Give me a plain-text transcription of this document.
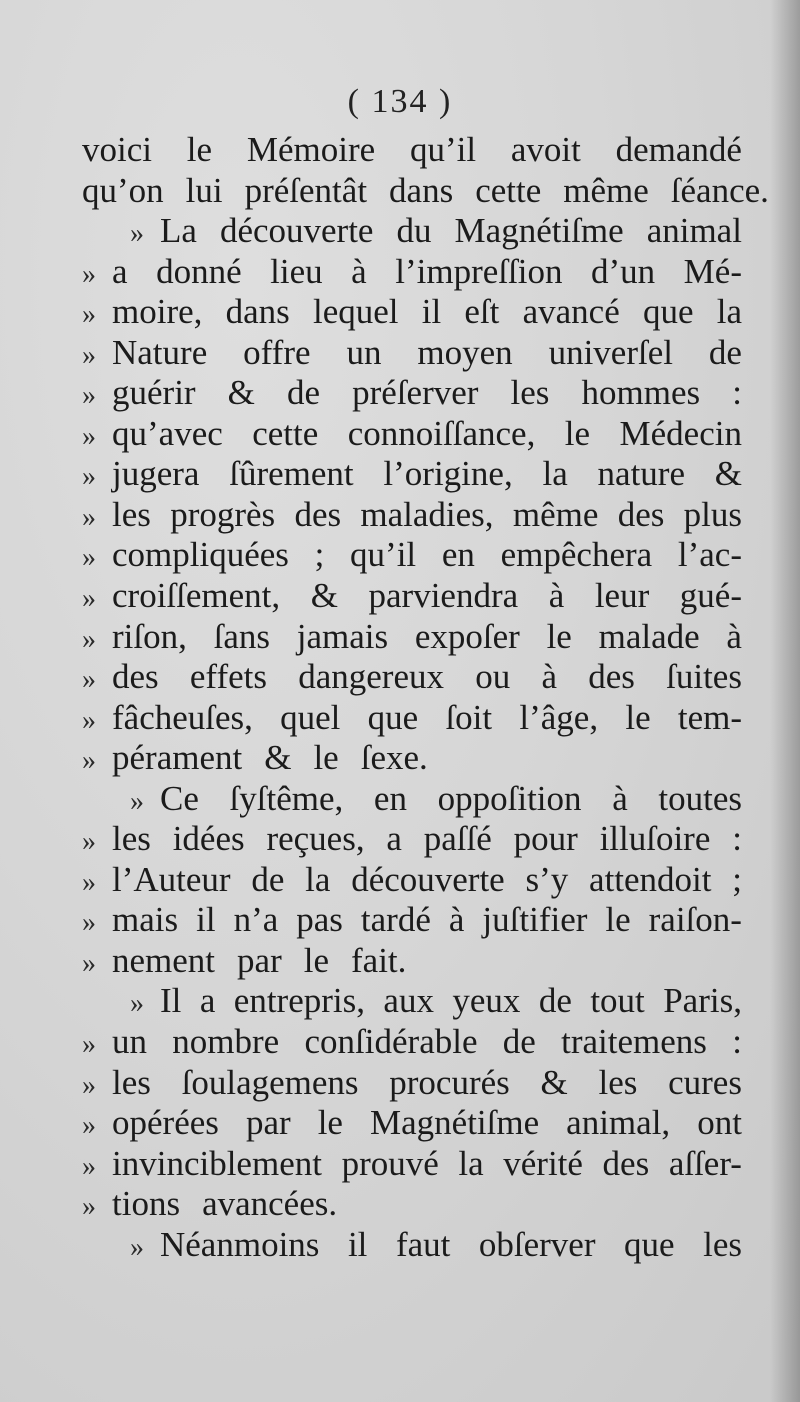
( 134 )
voici le Mémoire qu’il avoit demandé
qu’on lui préſentât dans cette même ſéance.
» La découverte du Magnétiſme animal
» a donné lieu à l’impreſſion d’un Mé-
» moire, dans lequel il eſt avancé que la
» Nature offre un moyen univerſel de
» guérir & de préſerver les hommes :
» qu’avec cette connoiſſance, le Médecin
» jugera ſûrement l’origine, la nature &
» les progrès des maladies, même des plus
» compliquées ; qu’il en empêchera l’ac-
» croiſſement, & parviendra à leur gué-
» riſon, ſans jamais expoſer le malade à
» des effets dangereux ou à des ſuites
» fâcheuſes, quel que ſoit l’âge, le tem-
» pérament & le ſexe.
» Ce ſyſtême, en oppoſition à toutes
» les idées reçues, a paſſé pour illuſoire :
» l’Auteur de la découverte s’y attendoit ;
» mais il n’a pas tardé à juſtifier le raiſon-
» nement par le fait.
» Il a entrepris, aux yeux de tout Paris,
» un nombre conſidérable de traitemens :
» les ſoulagemens procurés & les cures
» opérées par le Magnétiſme animal, ont
» invinciblement prouvé la vérité des aſſer-
» tions avancées.
» Néanmoins il faut obſerver que les
